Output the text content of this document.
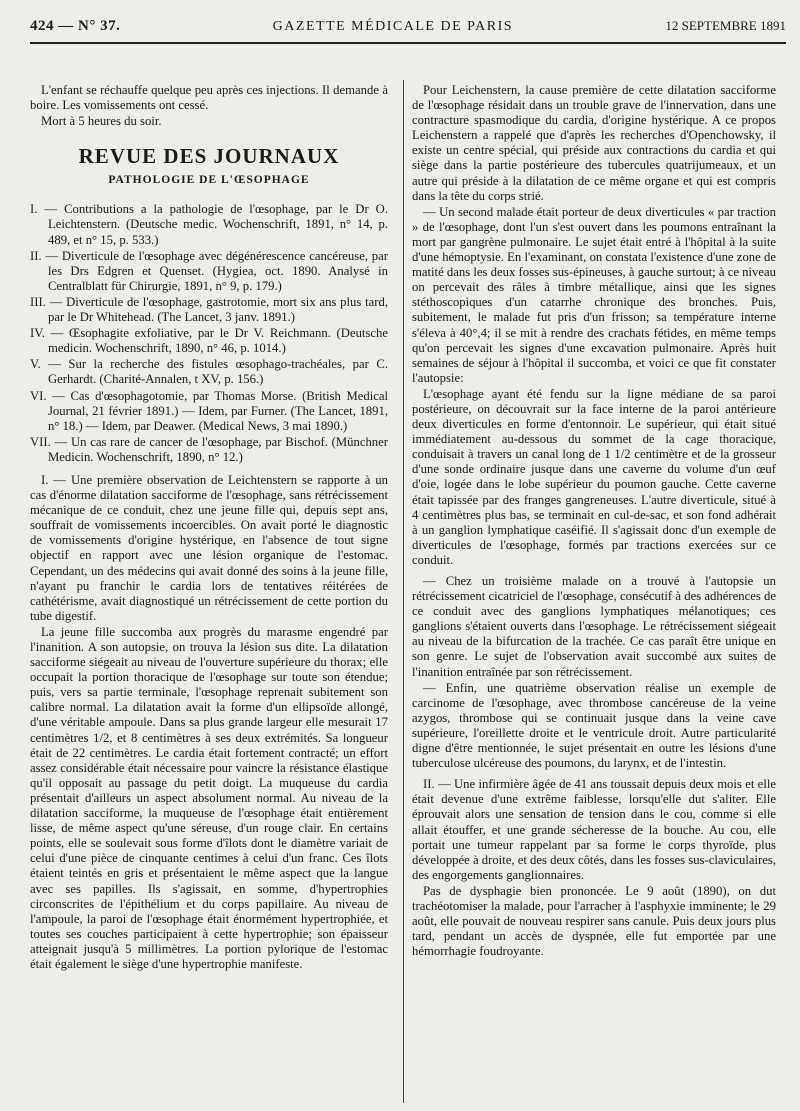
424 — N° 37.	GAZETTE MÉDICALE DE PARIS	12 SEPTEMBRE 1891

L'enfant se réchauffe quelque peu après ces injections. Il demande à boire. Les vomissements ont cessé.

Mort à 5 heures du soir.

REVUE DES JOURNAUX
PATHOLOGIE DE L'ŒSOPHAGE
I. — Contributions a la pathologie de l'œsophage, par le Dr O. Leichtenstern. (Deutsche medic. Wochenschrift, 1891, n° 14, p. 489, et n° 15, p. 533.)
II. — Diverticule de l'œsophage avec dégénérescence cancéreuse, par les Drs Edgren et Quenset. (Hygiea, oct. 1890. Analysé in Centralblatt für Chirurgie, 1891, n° 9, p. 179.)
III. — Diverticule de l'œsophage, gastrotomie, mort six ans plus tard, par le Dr Whitehead. (The Lancet, 3 janv. 1891.)
IV. — Œsophagite exfoliative, par le Dr V. Reichmann. (Deutsche medicin. Wochenschrift, 1890, n° 46, p. 1014.)
V. — Sur la recherche des fistules œsophago-trachéales, par C. Gerhardt. (Charité-Annalen, t XV, p. 156.)
VI. — Cas d'œsophagotomie, par Thomas Morse. (British Medical Journal, 21 février 1891.) — Idem, par Furner. (The Lancet, 1891, n° 18.) — Idem, par Deawer. (Medical News, 3 mai 1890.)
VII. — Un cas rare de cancer de l'œsophage, par Bischof. (Münchner Medicin. Wochenschrift, 1890, n° 12.)

I. — Une première observation de Leichtenstern se rapporte à un cas d'énorme dilatation sacciforme de l'œsophage, sans rétrécissement mécanique de ce conduit, chez une jeune fille qui, depuis sept ans, souffrait de vomissements incoercibles. On avait porté le diagnostic de vomissements d'origine hystérique, en l'absence de tout signe objectif en rapport avec une lésion organique de l'estomac. Cependant, un des médecins qui avait donné des soins à la jeune fille, n'ayant pu franchir le cardia lors de tentatives réitérées de cathétérisme, avait diagnostiqué un rétrécissement de cette portion du tube digestif.

La jeune fille succomba aux progrès du marasme engendré par l'inanition. A son autopsie, on trouva la lésion sus dite. La dilatation sacciforme siégeait au niveau de l'ouverture supérieure du thorax; elle occupait la portion thoracique de l'œsophage sur toute son étendue; puis, vers sa partie terminale, l'œsophage reprenait subitement son calibre normal. La dilatation avait la forme d'un ellipsoïde allongé, d'une véritable ampoule. Dans sa plus grande largeur elle mesurait 17 centimètres 1/2, et 8 centimètres à ses deux extrémités. Sa longueur était de 22 centimètres. Le cardia était fortement contracté; un effort assez considérable était nécessaire pour vaincre la résistance élastique qu'il opposait au passage du petit doigt. La muqueuse du cardia présentait d'ailleurs un aspect absolument normal. Au niveau de la dilatation sacciforme, la muqueuse de l'œsophage était entièrement lisse, de même aspect qu'une séreuse, d'un rouge clair. En certains points, elle se soulevait sous forme d'îlots dont le diamètre variait de celui d'une pièce de cinquante centimes à celui d'un franc. Ces îlots étaient teintés en gris et présentaient le même aspect que la langue avec ses papilles. Ils s'agissait, en somme, d'hypertrophies circonscrites de l'épithélium et du corps papillaire. Au niveau de l'ampoule, la paroi de l'œsophage était énormément hypertrophiée, et toutes ses couches participaient à cette hypertrophie; son épaisseur atteignait jusqu'à 5 millimètres. La portion pylorique de l'estomac était également le siège d'une hypertrophie manifeste.

Pour Leichenstern, la cause première de cette dilatation sacciforme de l'œsophage résidait dans un trouble grave de l'innervation, dans une contracture spasmodique du cardia, d'origine hystérique. A ce propos Leichenstern a rappelé que d'après les recherches d'Openchowsky, il existe un centre spécial, qui préside aux contractions du cardia et qui siège dans la partie postérieure des tubercules quatrijumeaux, et un autre qui préside à la dilatation de ce même organe et qui est compris dans la tête du corps strié.

— Un second malade était porteur de deux diverticules « par traction » de l'œsophage, dont l'un s'est ouvert dans les poumons entraînant la mort par gangrène pulmonaire. Le sujet était entré à l'hôpital à la suite d'une hémoptysie. En l'examinant, on constata l'existence d'une zone de matité dans les deux fosses sus-épineuses, à gauche surtout; à ce niveau on percevait des râles à timbre métallique, ainsi que les signes stéthoscopiques d'un catarrhe chronique des bronches. Puis, subitement, le malade fut pris d'un frisson; sa température interne s'éleva à 40°,4; il se mit à rendre des crachats fétides, en même temps qu'on percevait les signes d'une excavation pulmonaire. Après huit semaines de séjour à l'hôpital il succomba, et voici ce que fit constater l'autopsie:

L'œsophage ayant été fendu sur la ligne médiane de sa paroi postérieure, on découvrait sur la face interne de la paroi antérieure deux diverticules en forme d'entonnoir. Le supérieur, qui était situé immédiatement au-dessous du sommet de la cage thoracique, conduisait à travers un canal long de 1 1/2 centimètre et de la grosseur d'une sonde ordinaire jusque dans une caverne du volume d'un œuf d'oie, logée dans le lobe supérieur du poumon gauche. Cette caverne était tapissée par des franges gangreneuses. L'autre diverticule, situé à 4 centimètres plus bas, se terminait en cul-de-sac, et son fond adhérait à un ganglion lymphatique caséifié. Il s'agissait donc d'un exemple de diverticules de l'œsophage, formés par tractions exercées sur ce conduit.

— Chez un troisième malade on a trouvé à l'autopsie un rétrécissement cicatriciel de l'œsophage, consécutif à des adhérences de ce conduit avec des ganglions lymphatiques mélanotiques; ces ganglions s'étaient ouverts dans l'œsophage. Le rétrécissement siégeait au niveau de la bifurcation de la trachée. Ce cas paraît être unique en son genre. Le sujet de l'observation avait succombé aux suites de l'inanition entraînée par son rétrécissement.

— Enfin, une quatrième observation réalise un exemple de carcinome de l'œsophage, avec thrombose cancéreuse de la veine azygos, thrombose qui se continuait jusque dans la veine cave supérieure, l'oreillette droite et le ventricule droit. Autre particularité digne d'être mentionnée, le sujet présentait en outre les lésions d'une tuberculose ulcéreuse des poumons, du larynx, et de l'intestin.

II. — Une infirmière âgée de 41 ans toussait depuis deux mois et elle était devenue d'une extrême faiblesse, lorsqu'elle dut s'aliter. Elle éprouvait alors une sensation de tension dans le cou, comme si elle allait étouffer, et une grande sécheresse de la bouche. Au cou, elle portait une tumeur rappelant par sa forme le corps thyroïde, plus développée à droite, et des deux côtés, dans les fosses sus-claviculaires, des engorgements ganglionnaires.

Pas de dysphagie bien prononcée. Le 9 août (1890), on dut trachéotomiser la malade, pour l'arracher à l'asphyxie imminente; le 29 août, elle pouvait de nouveau respirer sans canule. Puis deux jours plus tard, pendant un accès de dyspnée, elle fut emportée par une hémorrhagie foudroyante.
